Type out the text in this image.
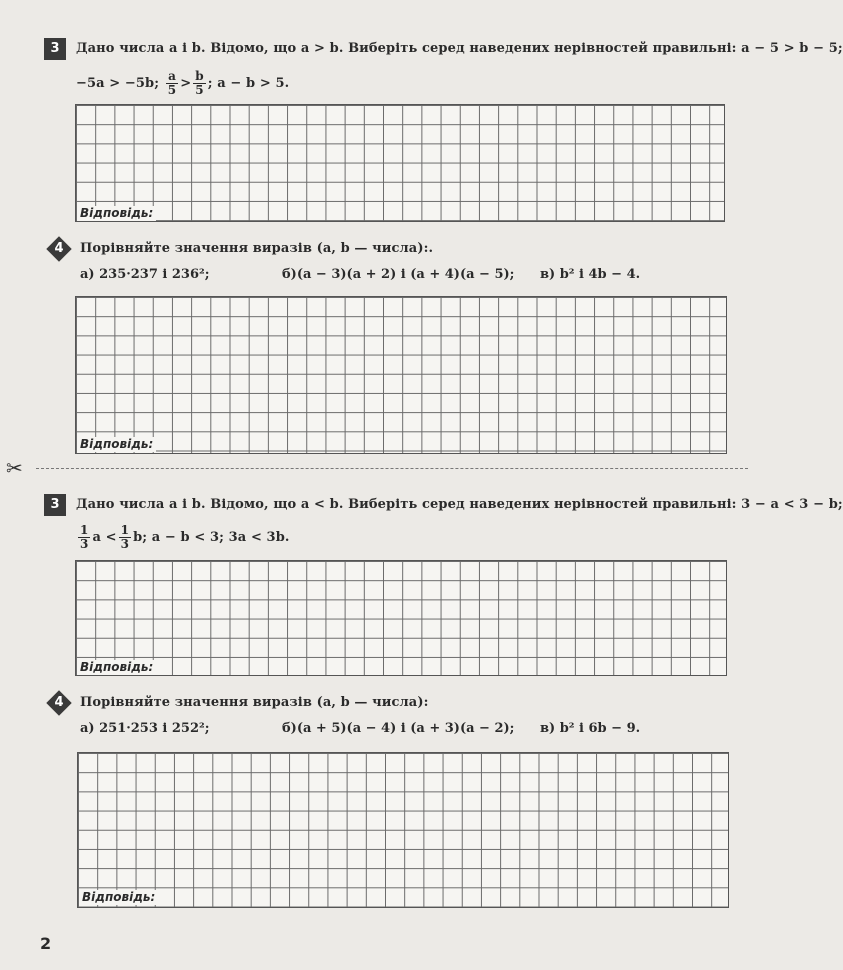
3	Дано числа a і b. Відомо, що a > b. Виберіть серед наведених нерівностей правильні: a − 5 > b − 5;
−5a > −5b; $\frac{a}{5} > \frac{b}{5}$ ; a − b > 5.
Відповідь:
4	Порівняйте значення виразів (a, b — числа):.
а) 235·237 і 236²;	б)(a − 3)(a + 2) і (a + 4)(a − 5); в) b² і 4b − 4.
Відповідь:
✂
3	Дано числа a і b. Відомо, що a < b. Виберіть серед наведених нерівностей правильні: 3 − a < 3 − b;
$\frac{1}{3}$ $a < \frac{1}{3} b$; a − b < 3; 3a < 3b.
Відповідь:
4	Порівняйте значення виразів (a, b — числа):
а) 251·253 і 252²;	б)(a + 5)(a − 4) і (a + 3)(a − 2); в) b² і 6b − 9.
Відповідь:
2
